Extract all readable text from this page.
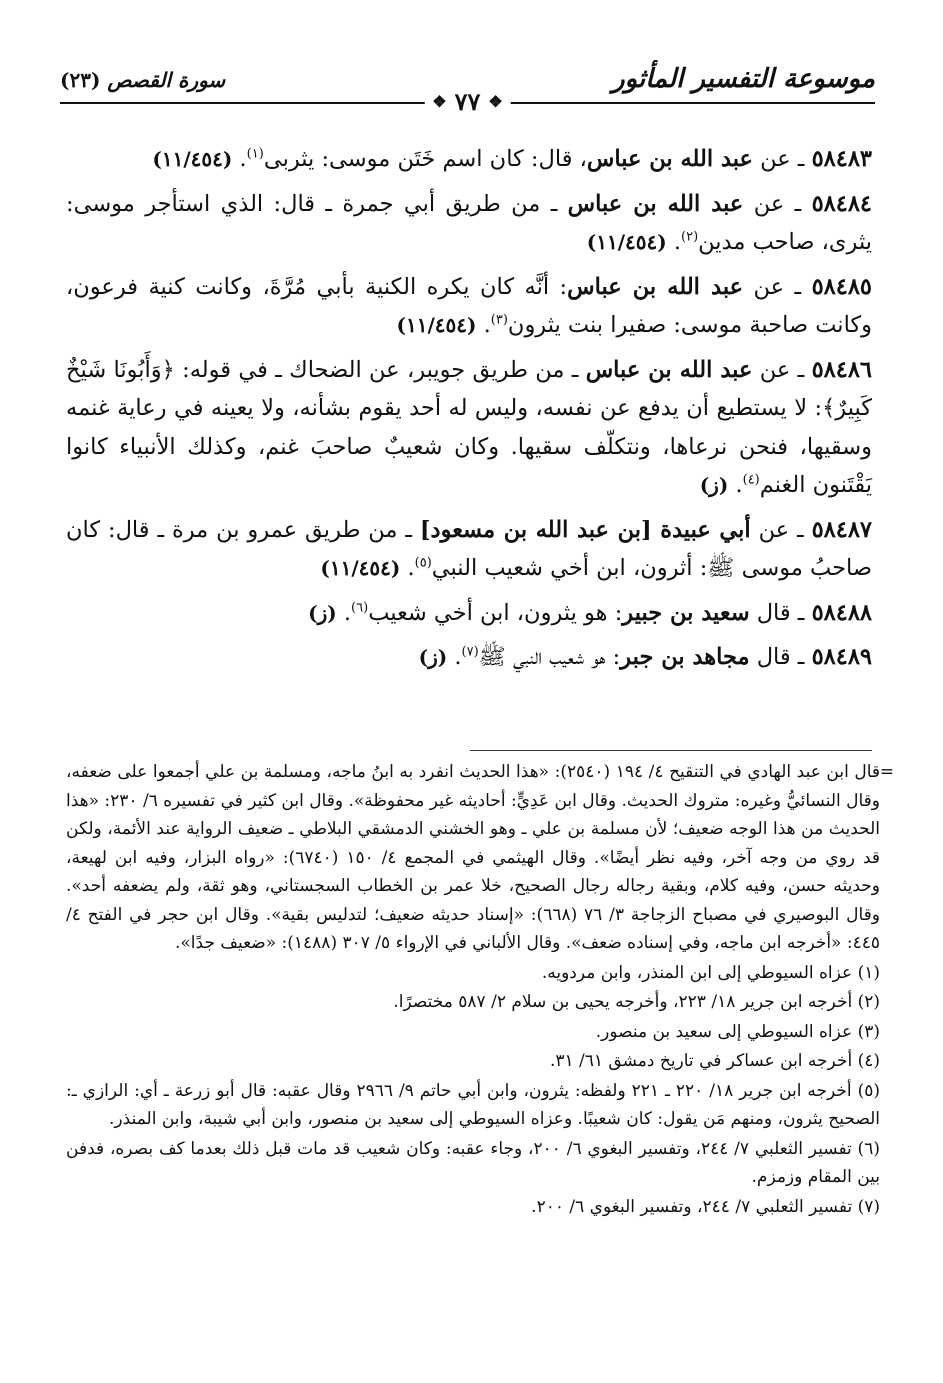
موسوعة التفسير المأثور
سورة القصص (٢٣)
❖
٧٧
❖

٥٨٤٨٣ ـ عن عبد الله بن عباس، قال: كان اسم خَتَن موسى: يثربى$^{(١)}$. (١١/٤٥٤)

٥٨٤٨٤ ـ عن عبد الله بن عباس ـ من طريق أبي جمرة ـ قال: الذي استأجر موسى: يثرى، صاحب مدين$^{(٢)}$. (١١/٤٥٤)

٥٨٤٨٥ ـ عن عبد الله بن عباس: أنَّه كان يكره الكنية بأبي مُرَّةَ، وكانت كنية فرعون، وكانت صاحبة موسى: صفيرا بنت يثرون$^{(٣)}$. (١١/٤٥٤)

٥٨٤٨٦ ـ عن عبد الله بن عباس ـ من طريق جويبر، عن الضحاك ـ في قوله: ﴿وَأَبُونَا شَيْخٌ كَبِيرٌ﴾: لا يستطيع أن يدفع عن نفسه، وليس له أحد يقوم بشأنه، ولا يعينه في رعاية غنمه وسقيها، فنحن نرعاها، ونتكلّف سقيها. وكان شعيبٌ صاحبَ غنم، وكذلك الأنبياء كانوا يَقْتَنون الغنم$^{(٤)}$. (ز)

٥٨٤٨٧ ـ عن أبي عبيدة [بن عبد الله بن مسعود] ـ من طريق عمرو بن مرة ـ قال: كان صاحبُ موسى ﷺ: أثرون، ابن أخي شعيب النبي$^{(٥)}$. (١١/٤٥٤)

٥٨٤٨٨ ـ قال سعيد بن جبير: هو يثرون، ابن أخي شعيب$^{(٦)}$. (ز)

٥٨٤٨٩ ـ قال مجاهد بن جبر: هو شعيب النبي ﷺ$^{(٧)}$. (ز)

=
قال ابن عبد الهادي في التنقيح ٤/ ١٩٤ (٢٥٤٠): «هذا الحديث انفرد به ابنُ ماجه، ومسلمة بن علي أجمعوا على ضعفه، وقال النسائيُّ وغيره: متروك الحديث. وقال ابن عَدِيٍّ: أحاديثه غير محفوظة». وقال ابن كثير في تفسيره ٦/ ٢٣٠: «هذا الحديث من هذا الوجه ضعيف؛ لأن مسلمة بن علي ـ وهو الخشني الدمشقي البلاطي ـ ضعيف الرواية عند الأئمة، ولكن قد روي من وجه آخر، وفيه نظر أيضًا». وقال الهيثمي في المجمع ٤/ ١٥٠ (٦٧٤٠): «رواه البزار، وفيه ابن لهيعة، وحديثه حسن، وفيه كلام، وبقية رجاله رجال الصحيح، خلا عمر بن الخطاب السجستاني، وهو ثقة، ولم يضعفه أحد». وقال البوصيري في مصباح الزجاجة ٣/ ٧٦ (٦٦٨): «إسناد حديثه ضعيف؛ لتدليس بقية». وقال ابن حجر في الفتح ٤/ ٤٤٥: «أخرجه ابن ماجه، وفي إسناده ضعف». وقال الألباني في الإرواء ٥/ ٣٠٧ (١٤٨٨): «ضعيف جدًا».

(١) عزاه السيوطي إلى ابن المنذر، وابن مردويه.

(٢) أخرجه ابن جرير ١٨/ ٢٢٣، وأخرجه يحيى بن سلام ٢/ ٥٨٧ مختصرًا.

(٣) عزاه السيوطي إلى سعيد بن منصور.

(٤) أخرجه ابن عساكر في تاريخ دمشق ٦١/ ٣١.

(٥) أخرجه ابن جرير ١٨/ ٢٢٠ ـ ٢٢١ ولفظه: يثرون، وابن أبي حاتم ٩/ ٢٩٦٦ وقال عقبه: قال أبو زرعة ـ أي: الرازي ـ: الصحيح يثرون، ومنهم مَن يقول: كان شعيبًا. وعزاه السيوطي إلى سعيد بن منصور، وابن أبي شيبة، وابن المنذر.

(٦) تفسير الثعلبي ٧/ ٢٤٤، وتفسير البغوي ٦/ ٢٠٠، وجاء عقبه: وكان شعيب قد مات قبل ذلك بعدما كف بصره، فدفن بين المقام وزمزم.

(٧) تفسير الثعلبي ٧/ ٢٤٤، وتفسير البغوي ٦/ ٢٠٠.
